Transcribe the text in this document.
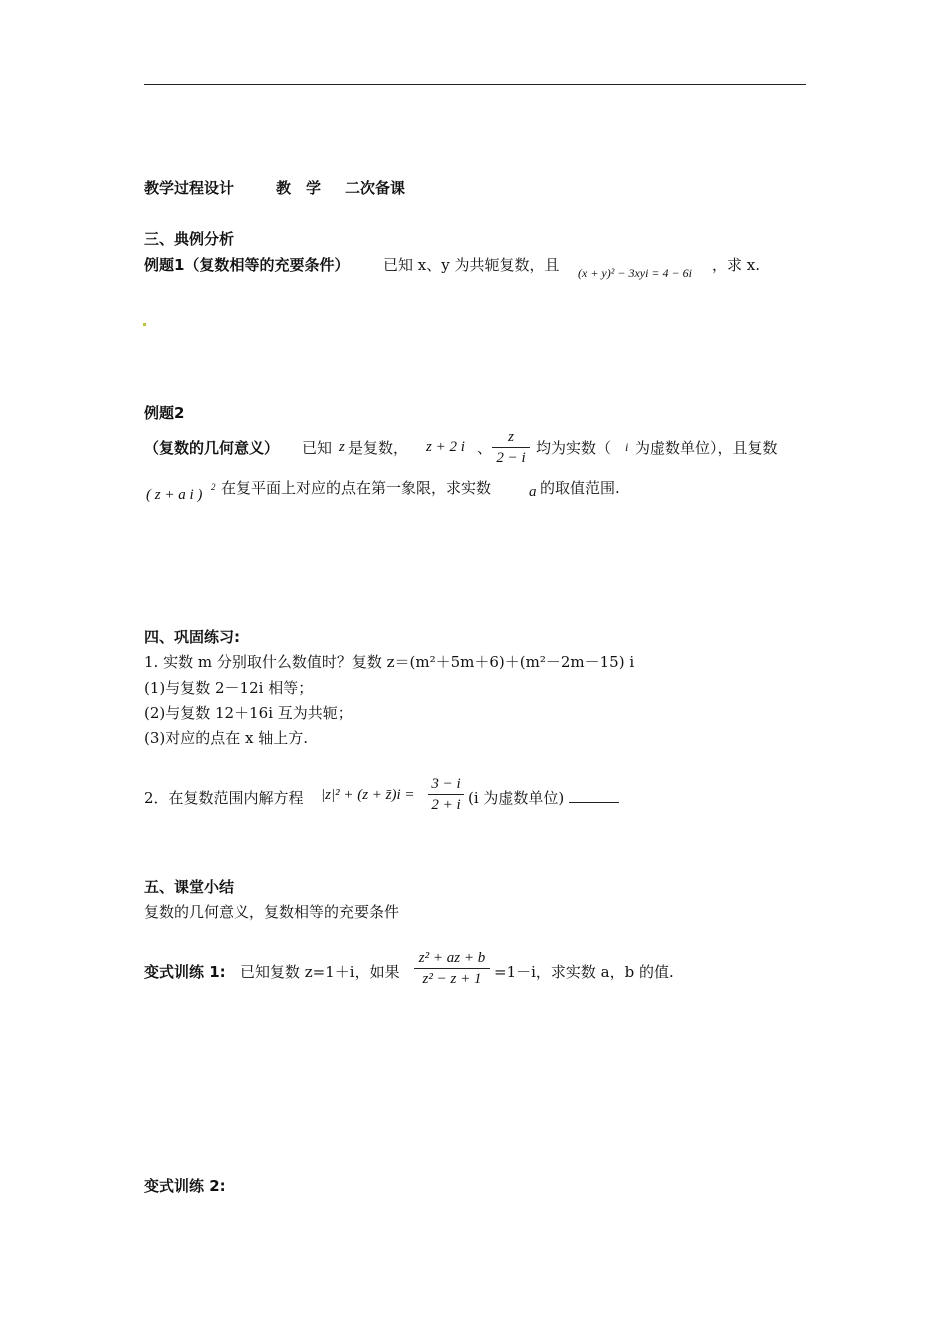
教学过程设计	教　学 二次备课
三、典例分析
例题1（复数相等的充要条件） 已知 x、y 为共轭复数，且 (x + y)² − 3xyi = 4 − 6i ，求 x.
例题2
（复数的几何意义） 已知 z 是复数， z + 2 i 、
z
2 − i
均为实数（ i 为虚数单位），且复数
( z + a i ) 2 在复平面上对应的点在第一象限，求实数	a 的取值范围.
四、巩固练习:
1. 实数 m 分别取什么数值时？复数 z＝(m²＋5m＋6)＋(m²－2m－15) i
(1)与复数 2－12i 相等；
(2)与复数 12＋16i 互为共轭；
(3)对应的点在 x 轴上方.
2．在复数范围内解方程 |z|² + (z + z̄)i =
3 − i
2 + i (i 为虚数单位)
五、课堂小结
复数的几何意义，复数相等的充要条件
变式训练 1: 已知复数 z=1＋i，如果
z² + az + b
z² − z + 1 =1－i，求实数 a，b 的值.
变式训练 2:
